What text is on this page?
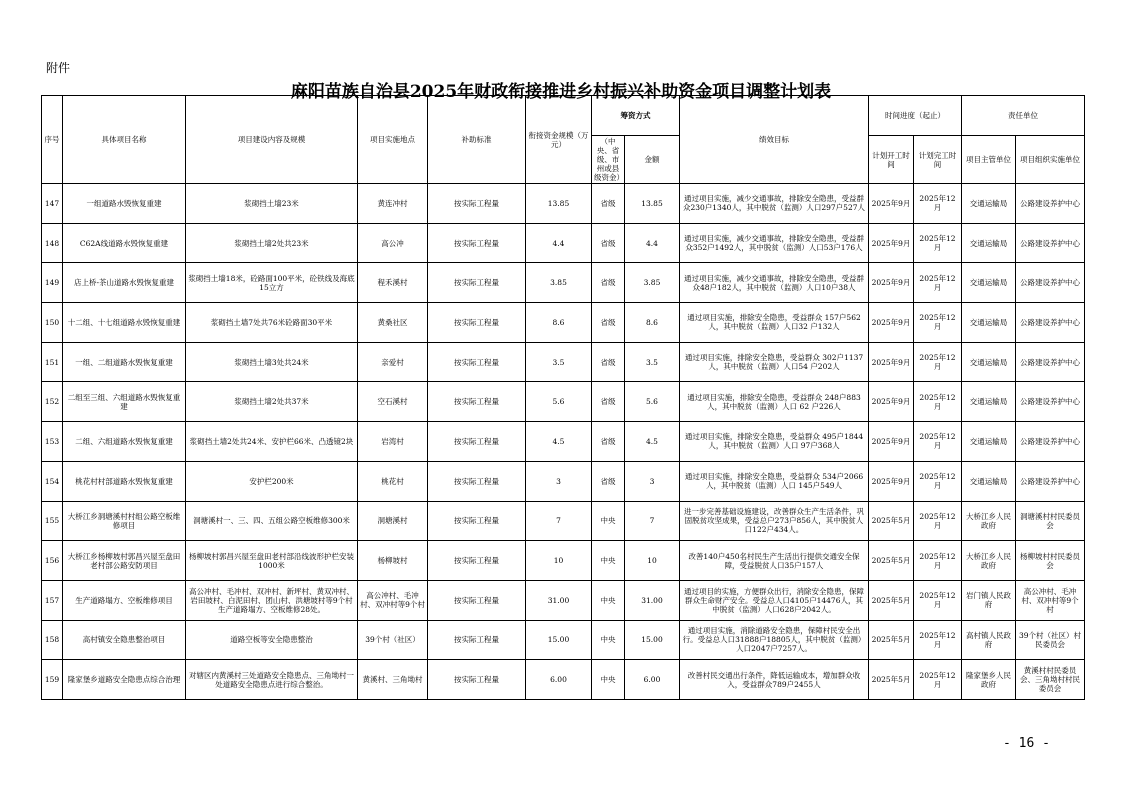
附件
麻阳苗族自治县2025年财政衔接推进乡村振兴补助资金项目调整计划表
序号	具体项目名称	项目建设内容及规模	项目实施地点	补助标准	衔接资金规模（万元）	筹资方式		绩效目标	时间进度（起止）		责任单位	
						（中央、省级、市州或县级资金）	金额		计划开工时间	计划完工时间	项目主管单位	项目组织实施单位
147	一组道路水毁恢复重建	浆砌挡土墙23米	黄连冲村	按实际工程量	13.85	省级	13.85	通过项目实施，减少交通事故，排除安全隐患，受益群众230户1340人，其中脱贫（监测）人口297户527人	2025年9月	2025年12月	交通运输局	公路建设养护中心
148	C62A线道路水毁恢复重建	浆砌挡土墙2处共23米	高公冲	按实际工程量	4.4	省级	4.4	通过项目实施，减少交通事故，排除安全隐患，受益群众352户1492人，其中脱贫（监测）人口53户176人	2025年9月	2025年12月	交通运输局	公路建设养护中心
149	店上桥-茶山道路水毁恢复重建	浆砌挡土墙18米，砼路面100平米，砼铁线及海底15立方	程禾溪村	按实际工程量	3.85	省级	3.85	通过项目实施，减少交通事故，排除安全隐患，受益群众48户182人，其中脱贫（监测）人口10户38人	2025年9月	2025年12月	交通运输局	公路建设养护中心
150	十二组、十七组道路水毁恢复重建	浆砌挡土墙7处共76米砼路面30平米	黄桑社区	按实际工程量	8.6	省级	8.6	通过项目实施，排除安全隐患，受益群众 157户562人，其中脱贫（监测）人口32 户132人	2025年9月	2025年12月	交通运输局	公路建设养护中心
151	一组、二组道路水毁恢复重建	浆砌挡土墙3处共24米	亲爱村	按实际工程量	3.5	省级	3.5	通过项目实施，排除安全隐患，受益群众 302户1137人，其中脱贫（监测）人口54 户202人	2025年9月	2025年12月	交通运输局	公路建设养护中心
152	二组至三组、六组道路水毁恢复重建	浆砌挡土墙2处共37米	空石溪村	按实际工程量	5.6	省级	5.6	通过项目实施，排除安全隐患，受益群众 248户883人，其中脱贫（监测）人口 62 户226人	2025年9月	2025年12月	交通运输局	公路建设养护中心
153	二组、六组道路水毁恢复重建	浆砌挡土墙2处共24米、安护栏66米、凸透镜2块	岩湾村	按实际工程量	4.5	省级	4.5	通过项目实施，排除安全隐患，受益群众 495户1844人，其中脱贫（监测）人口 97户368人	2025年9月	2025年12月	交通运输局	公路建设养护中心
154	桃花村村部道路水毁恢复重建	安护栏200米	桃花村	按实际工程量	3	省级	3	通过项目实施，排除安全隐患，受益群众 534户2066人，其中脱贫（监测）人口 145户549人	2025年9月	2025年12月	交通运输局	公路建设养护中心
155	大桥江乡洞塘溪村村组公路空板维修项目	洞塘溪村一、三、四、五组公路空板维修300米	洞塘溪村	按实际工程量	7	中央	7	进一步完善基础设施建设，改善群众生产生活条件，巩固脱贫攻坚成果，受益总户273户856人，其中脱贫人口122户434人。	2025年5月	2025年12月	大桥江乡人民政府	洞塘溪村村民委员会
156	大桥江乡杨柳坡村郭昌兴屋至盘田老村部公路安防项目	杨柳坡村郭昌兴屋至盘田老村部沿线波形护栏安装1000米	杨柳坡村	按实际工程量	10	中央	10	改善140户450名村民生产生活出行提供交通安全保障，受益脱贫人口35户157人	2025年5月	2025年12月	大桥江乡人民政府	杨柳坡村村民委员会
157	生产道路塌方、空板维修项目	高公冲村、毛冲村、双冲村、新坪村、黄双冲村、岩田坡村、白泥田村、团山村、洪塘坡村等9个村生产道路塌方、空板维修28处。	高公冲村、毛冲村、双冲村等9个村	按实际工程量	31.00	中央	31.00	通过项目的实施，方便群众出行，消除安全隐患，保障群众生命财产安全。受益总人口4105户14476人，其中脱贫（监测）人口628户2042人。	2025年5月	2025年12月	岩门镇人民政府	高公冲村、毛冲村、双冲村等9个村
158	高村镇安全隐患整治项目	道路空板等安全隐患整治	39个村（社区）	按实际工程量	15.00	中央	15.00	通过项目实施，消除道路安全隐患，保障村民安全出行。受益总人口31888户18805人，其中脱贫（监测）人口2047户7257人。	2025年5月	2025年12月	高村镇人民政府	39个村（社区）村民委员会
159	隆家堡乡道路安全隐患点综合治理	对辖区内黄溪村三处道路安全隐患点、三角坳村一处道路安全隐患点进行综合整治。	黄溪村、三角坳村	按实际工程量	6.00	中央	6.00	改善村民交通出行条件，降低运输成本，增加群众收入，受益群众789户2455人	2025年5月	2025年12月	隆家堡乡人民政府	黄溪村村民委员会、三角坳村村民委员会
- 16 -
